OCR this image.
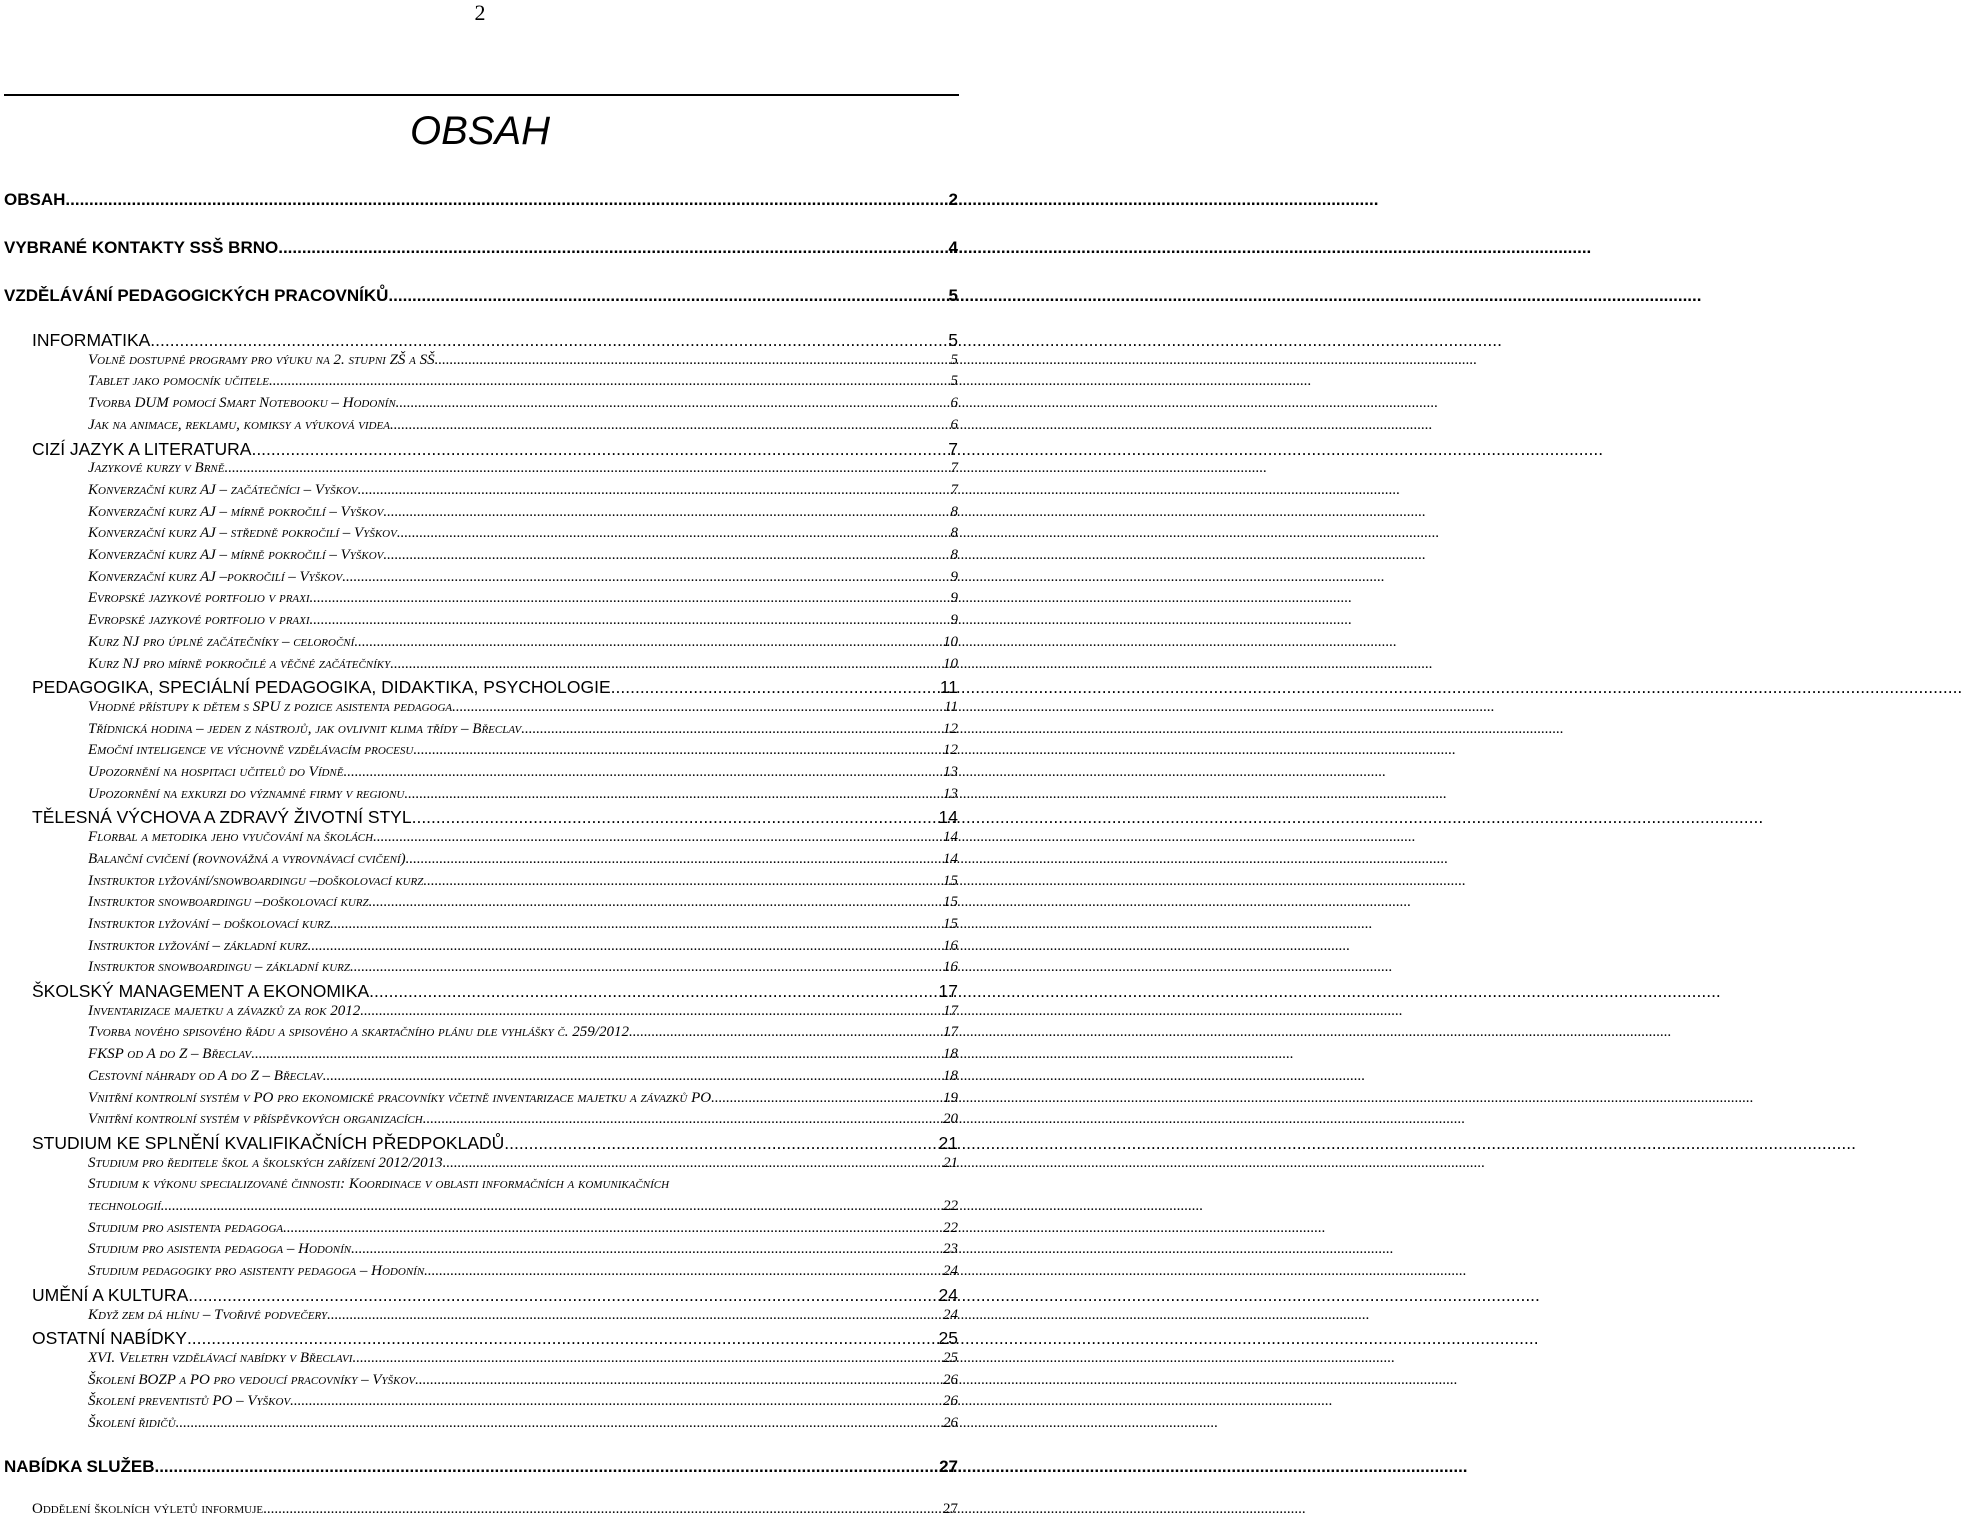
2
OBSAH
OBSAH .....	2
VYBRANÉ KONTAKTY SSŠ BRNO .....	4
VZDĚLÁVÁNÍ PEDAGOGICKÝCH PRACOVNÍKŮ .....	5
INFORMATIKA .....	5
Volně dostupné programy pro výuku na 2. stupni ZŠ a SŠ .....	5
Tablet jako pomocník učitele .....	5
Tvorba DUM pomocí Smart Notebooku – Hodonín .....	6
Jak na animace, reklamu, komiksy a výuková videa .....	6
CIZÍ JAZYK A LITERATURA .....	7
Jazykové kurzy v Brně .....	7
Konverzační kurz AJ – začátečníci – Vyškov .....	7
Konverzační kurz AJ – mírně pokročilí – Vyškov .....	8
Konverzační kurz AJ – středně pokročilí – Vyškov .....	8
Konverzační kurz AJ – mírně pokročilí – Vyškov .....	8
Konverzační kurz AJ –pokročilí – Vyškov .....	9
Evropské jazykové portfolio v praxi .....	9
Evropské jazykové portfolio v praxi .....	9
Kurz NJ pro úplné začátečníky – celoroční .....	10
Kurz NJ pro mírně pokročilé a věčné začátečníky .....	10
PEDAGOGIKA, SPECIÁLNÍ PEDAGOGIKA, DIDAKTIKA, PSYCHOLOGIE .....	11
Vhodné přístupy k dětem s SPU z pozice asistenta pedagoga .....	11
Třídnická hodina – jeden z nástrojů, jak ovlivnit klima třídy – Břeclav .....	12
Emoční inteligence ve výchovně vzdělávacím procesu .....	12
Upozornění na hospitaci učitelů do Vídně .....	13
Upozornění na exkurzi do významné firmy v regionu .....	13
TĚLESNÁ VÝCHOVA A ZDRAVÝ ŽIVOTNÍ STYL .....	14
Florbal a metodika jeho vyučování na školách .....	14
Balanční cvičení (rovnovážná a vyrovnávací cvičení) .....	14
Instruktor lyžování/snowboardingu –doškolovací kurz .....	15
Instruktor snowboardingu –doškolovací kurz .....	15
Instruktor lyžování – doškolovací kurz .....	15
Instruktor lyžování – základní kurz .....	16
Instruktor snowboardingu – základní kurz .....	16
ŠKOLSKÝ MANAGEMENT A EKONOMIKA .....	17
Inventarizace majetku a závazků za rok 2012 .....	17
Tvorba nového spisového řádu a spisového a skartačního plánu dle vyhlášky č. 259/2012 .....	17
FKSP od A do Z – Břeclav .....	18
Cestovní náhrady od A do Z – Břeclav .....	18
Vnitřní kontrolní systém v PO pro ekonomické pracovníky včetně inventarizace majetku a závazků PO .....	19
Vnitřní kontrolní systém v příspěvkových organizacích .....	20
STUDIUM KE SPLNĚNÍ KVALIFIKAČNÍCH PŘEDPOKLADŮ .....	21
Studium pro ředitele škol a školských zařízení 2012/2013 .....	21
Studium k výkonu specializované činnosti: Koordinace v oblasti informačních a komunikačních
technologií .....	22
Studium pro asistenta pedagoga .....	22
Studium pro asistenta pedagoga – Hodonín .....	23
Studium pedagogiky pro asistenty pedagoga – Hodonín .....	24
UMĚNÍ A KULTURA .....	24
Když zem dá hlínu – Tvořivé podvečery .....	24
OSTATNÍ NABÍDKY .....	25
XVI. Veletrh vzdělávací nabídky v Břeclavi .....	25
Školení BOZP a PO pro vedoucí pracovníky – Vyškov .....	26
Školení preventistů PO – Vyškov .....	26
Školení řidičů .....	26
NABÍDKA SLUŽEB .....	27
Oddělení školních výletů informuje .....	27
